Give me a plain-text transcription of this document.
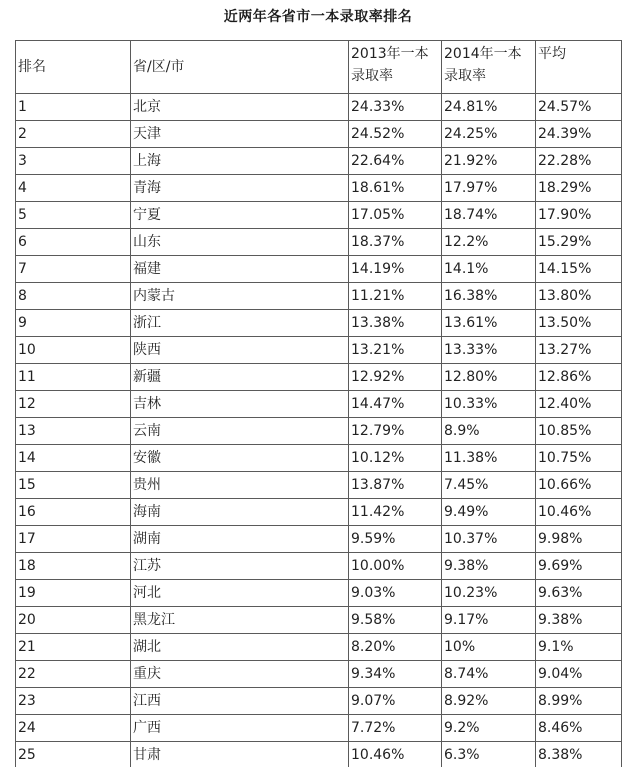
近两年各省市一本录取率排名
排名	省/区/市	2013年一本录取率	2014年一本录取率	平均
1	北京	24.33%	24.81%	24.57%
2	天津	24.52%	24.25%	24.39%
3	上海	22.64%	21.92%	22.28%
4	青海	18.61%	17.97%	18.29%
5	宁夏	17.05%	18.74%	17.90%
6	山东	18.37%	12.2%	15.29%
7	福建	14.19%	14.1%	14.15%
8	内蒙古	11.21%	16.38%	13.80%
9	浙江	13.38%	13.61%	13.50%
10	陕西	13.21%	13.33%	13.27%
11	新疆	12.92%	12.80%	12.86%
12	吉林	14.47%	10.33%	12.40%
13	云南	12.79%	8.9%	10.85%
14	安徽	10.12%	11.38%	10.75%
15	贵州	13.87%	7.45%	10.66%
16	海南	11.42%	9.49%	10.46%
17	湖南	9.59%	10.37%	9.98%
18	江苏	10.00%	9.38%	9.69%
19	河北	9.03%	10.23%	9.63%
20	黑龙江	9.58%	9.17%	9.38%
21	湖北	8.20%	10%	9.1%
22	重庆	9.34%	8.74%	9.04%
23	江西	9.07%	8.92%	8.99%
24	广西	7.72%	9.2%	8.46%
25	甘肃	10.46%	6.3%	8.38%
